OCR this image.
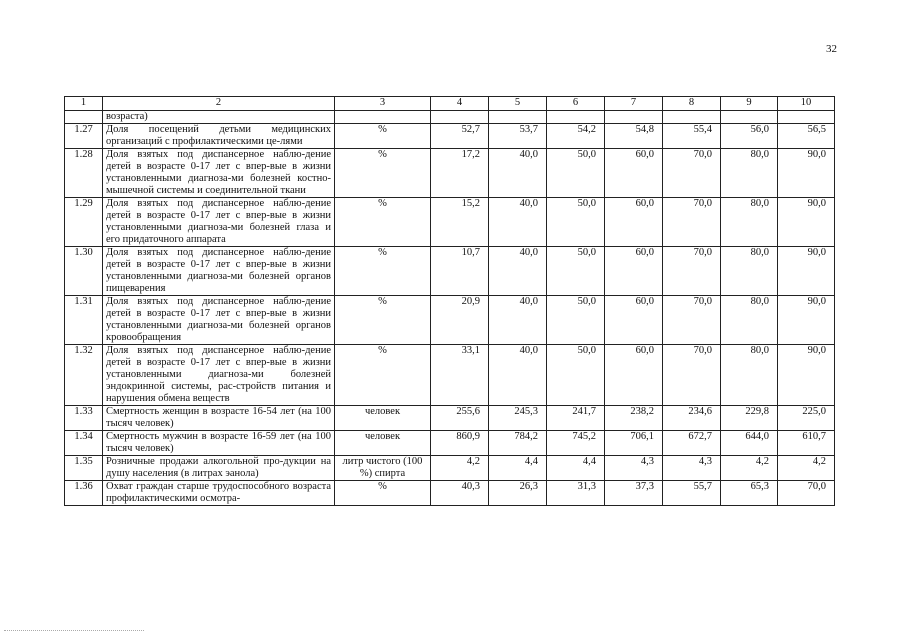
32
1	2	3	4	5	6	7	8	9	10
	возраста)								
1.27	Доля посещений детьми медицинских организаций с профилактическими це-лями	%	52,7	53,7	54,2	54,8	55,4	56,0	56,5
1.28	Доля взятых под диспансерное наблю-дение детей в возрасте 0-17 лет с впер-вые в жизни установленными диагноза-ми болезней костно-мышечной системы и соединительной ткани	%	17,2	40,0	50,0	60,0	70,0	80,0	90,0
1.29	Доля взятых под диспансерное наблю-дение детей в возрасте 0-17 лет с впер-вые в жизни установленными диагноза-ми болезней глаза и его придаточного аппарата	%	15,2	40,0	50,0	60,0	70,0	80,0	90,0
1.30	Доля взятых под диспансерное наблю-дение детей в возрасте 0-17 лет с впер-вые в жизни установленными диагноза-ми болезней органов пищеварения	%	10,7	40,0	50,0	60,0	70,0	80,0	90,0
1.31	Доля взятых под диспансерное наблю-дение детей в возрасте 0-17 лет с впер-вые в жизни установленными диагноза-ми болезней органов кровообращения	%	20,9	40,0	50,0	60,0	70,0	80,0	90,0
1.32	Доля взятых под диспансерное наблю-дение детей в возрасте 0-17 лет с впер-вые в жизни установленными диагноза-ми болезней эндокринной системы, рас-стройств питания и нарушения обмена веществ	%	33,1	40,0	50,0	60,0	70,0	80,0	90,0
1.33	Смертность женщин в возрасте 16-54 лет (на 100 тысяч человек)	человек	255,6	245,3	241,7	238,2	234,6	229,8	225,0
1.34	Смертность мужчин в возрасте 16-59 лет (на 100 тысяч человек)	человек	860,9	784,2	745,2	706,1	672,7	644,0	610,7
1.35	Розничные продажи алкогольной про-дукции на душу населения (в литрах эанола)	литр чистого (100 %) спирта	4,2	4,4	4,4	4,3	4,3	4,2	4,2
1.36	Охват граждан старше трудоспособного возраста профилактическими осмотра-	%	40,3	26,3	31,3	37,3	55,7	65,3	70,0
